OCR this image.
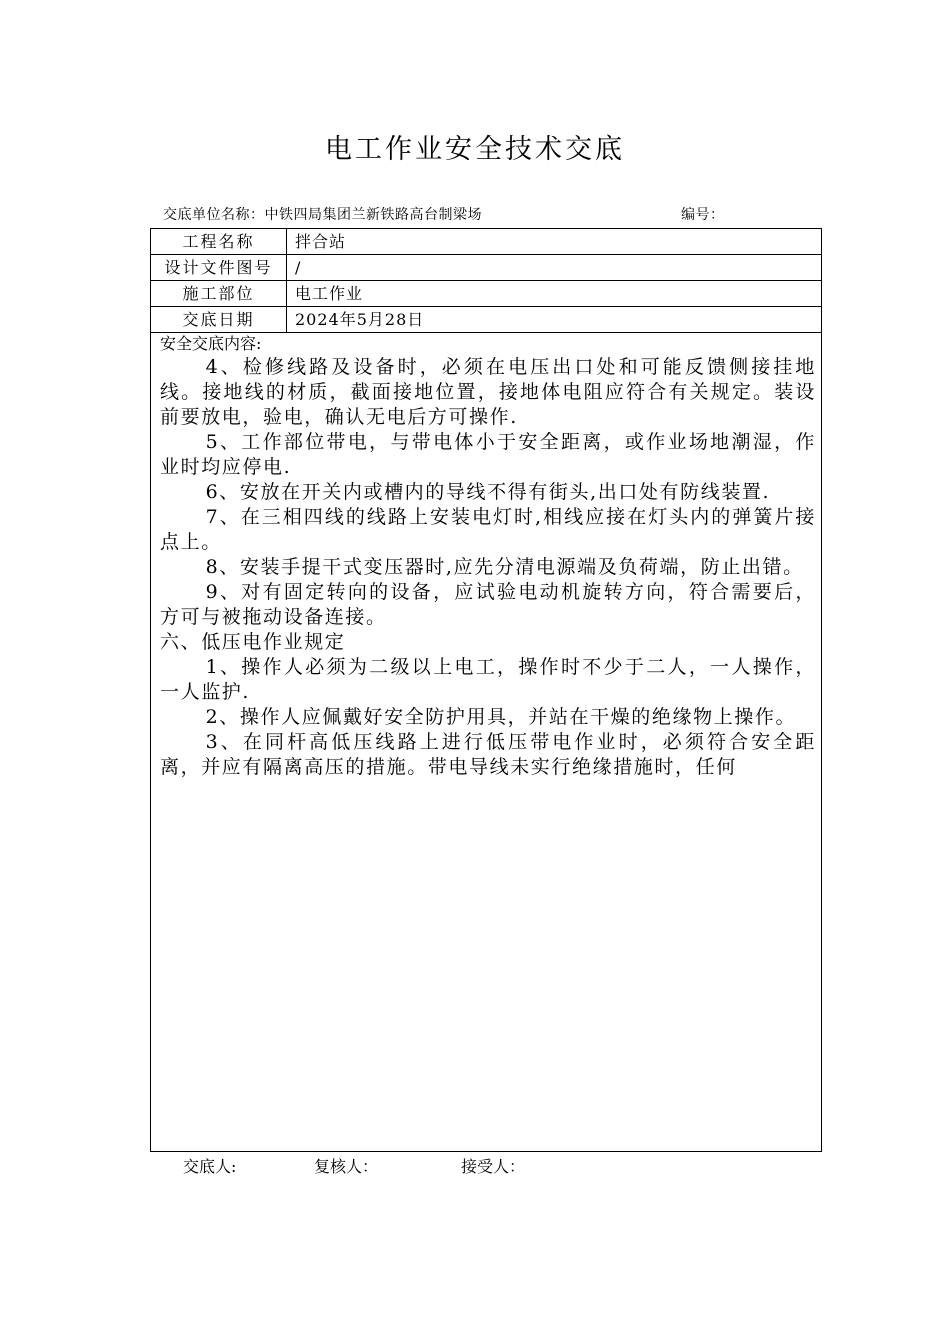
电工作业安全技术交底
交底单位名称：中铁四局集团兰新铁路高台制梁场	编号：
工程名称	拌合站
设计文件图号	/
施工部位	电工作业
交底日期	2024年5月28日

安全交底内容:

4、检修线路及设备时，必须在电压出口处和可能反馈侧接挂地线。接地线的材质，截面接地位置，接地体电阻应符合有关规定。装设前要放电，验电，确认无电后方可操作.

5、工作部位带电，与带电体小于安全距离，或作业场地潮湿，作业时均应停电.

6、安放在开关内或槽内的导线不得有街头,出口处有防线装置.

7、在三相四线的线路上安装电灯时,相线应接在灯头内的弹簧片接点上。

8、安装手提干式变压器时,应先分清电源端及负荷端，防止出错。

9、对有固定转向的设备，应试验电动机旋转方向，符合需要后，方可与被拖动设备连接。

六、低压电作业规定

1、操作人必须为二级以上电工，操作时不少于二人，一人操作，一人监护.

2、操作人应佩戴好安全防护用具，并站在干燥的绝缘物上操作。

3、在同杆高低压线路上进行低压带电作业时，必须符合安全距离，并应有隔离高压的措施。带电导线未实行绝缘措施时，任何

交底人:	复核人：	接受人：
